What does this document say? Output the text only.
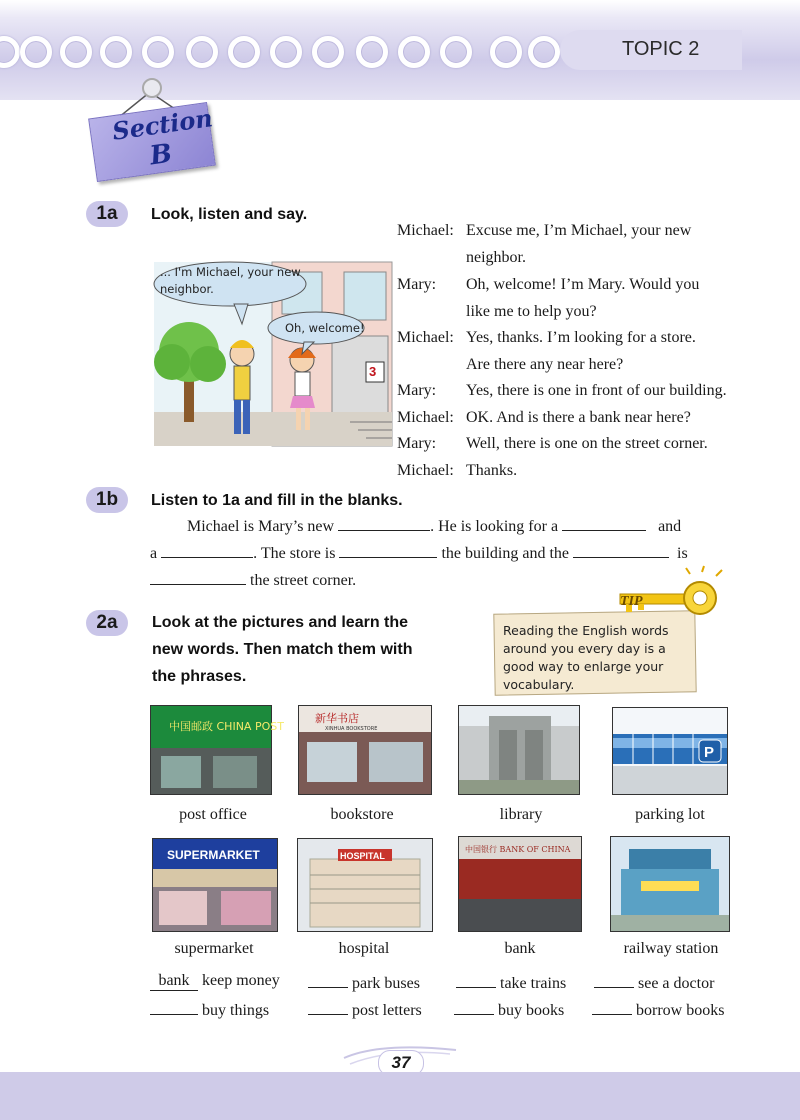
TOPIC 2
Section
B
1a	Look, listen and say.
... I'm Michael, your new neighbor.
Oh, welcome!
3
Michael: Excuse me, I’m Michael, your new
neighbor.
Mary: Oh, welcome! I’m Mary. Would you
like me to help you?
Michael: Yes, thanks. I’m looking for a store.
Are there any near here?
Mary: Yes, there is one in front of our building.
Michael: OK. And is there a bank near here?
Mary: Well, there is one on the street corner.
Michael: Thanks.
1b	Listen to 1a and fill in the blanks.
Michael is Mary’s new	. He is looking for a	and
a	. The store is	the building and the	is
the street corner.
2a	Look at the pictures and learn the
new words. Then match them with
the phrases.
TIP
Reading the English words around you every day is a good way to enlarge your vocabulary.
中国邮政 CHINA POST
新华书店
XINHUA BOOKSTORE
P
post office	bookstore	library	parking lot
SUPERMARKET	HOSPITAL
中国银行 BANK OF CHINA
supermarket	hospital	bank	railway station
bank keep money	park buses	take trains	see a doctor
buy things	post letters	buy books	borrow books
37
